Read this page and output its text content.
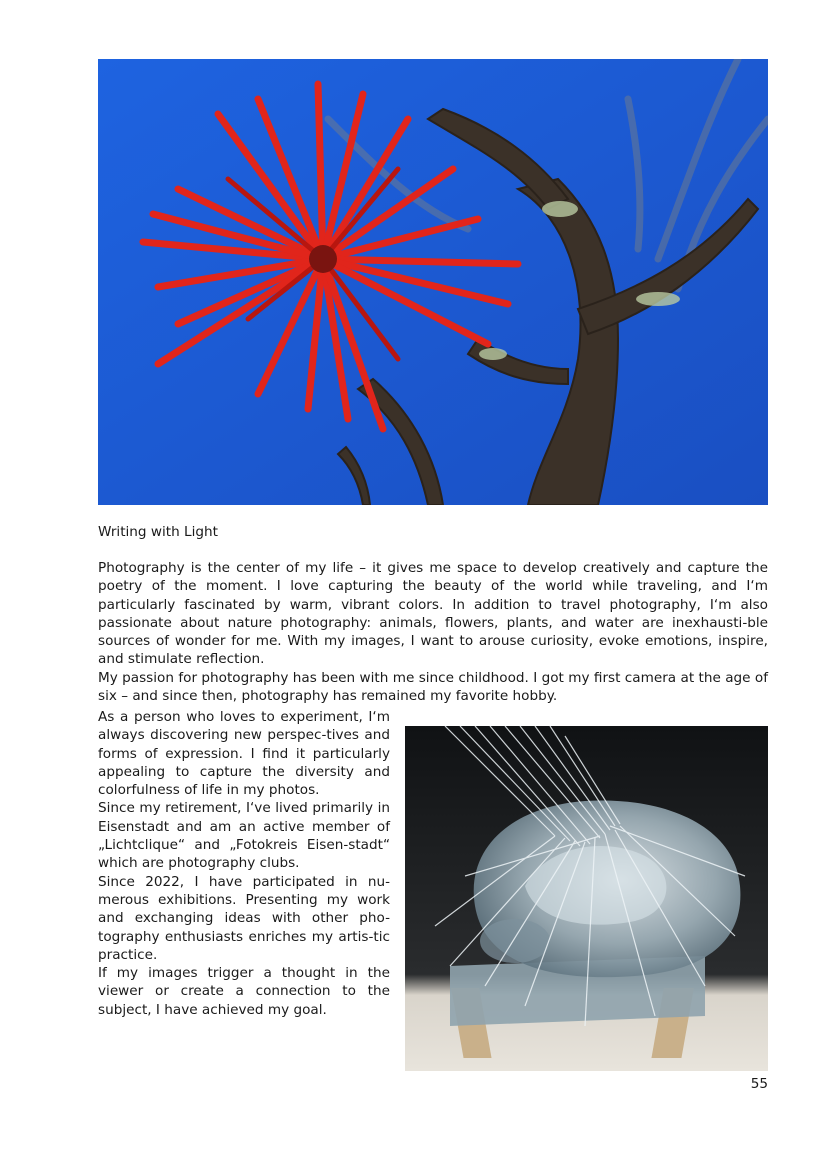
Writing with Light

Photography is the center of my life – it gives me space to develop creatively and capture the poetry of the moment. I love capturing the beauty of the world while traveling, and I‘m particularly fascinated by warm, vibrant colors. In addition to travel photography, I‘m also passionate about nature photography: animals, flowers, plants, and water are inexhausti-ble sources of wonder for me. With my images, I want to arouse curiosity, evoke emotions, inspire, and stimulate reflection.

My passion for photography has been with me since childhood. I got my first camera at the age of six – and since then, photography has remained my favorite hobby.

As a person who loves to experiment, I‘m always discovering new perspec-tives and forms of expression. I find it particularly appealing to capture the diversity and colorfulness of life in my photos.

Since my retirement, I‘ve lived primarily in Eisenstadt and am an active member of „Lichtclique“ and „Fotokreis Eisen-stadt“ which are photography clubs.

Since 2022, I have participated in nu-merous exhibitions. Presenting my work and exchanging ideas with other pho-tography enthusiasts enriches my artis-tic practice.

If my images trigger a thought in the viewer or create a connection to the subject, I have achieved my goal.

55
